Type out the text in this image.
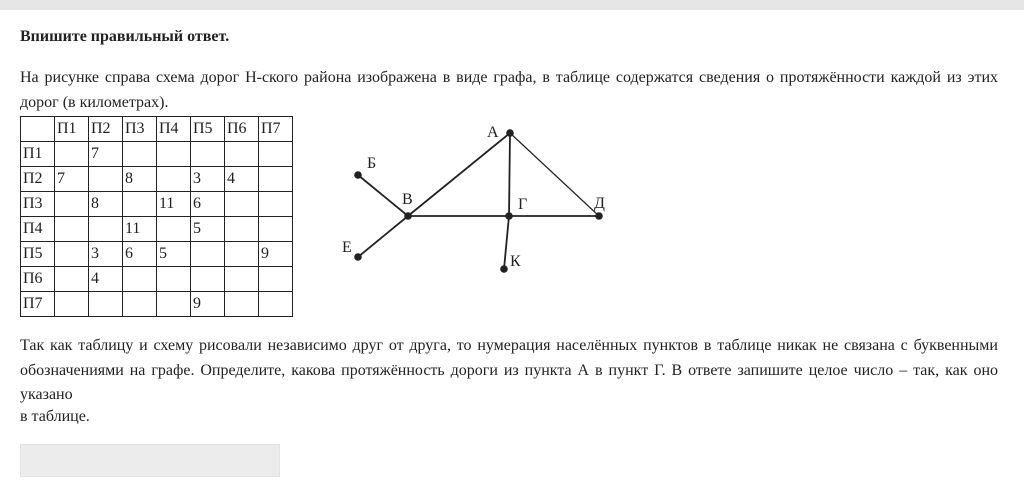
Впишите правильный ответ.
На рисунке справа схема дорог Н-ского района изображена в виде графа, в таблице содержатся сведения о протяжённости каждой из этих дорог (в километрах).
	П1	П2	П3	П4	П5	П6	П7
П1		7					
П2	7		8		3	4	
П3		8		11	6		
П4			11		5		
П5		3	6	5			9
П6		4					
П7					9		
А
Б
В	Г	Д
Е
К
Так как таблицу и схему рисовали независимо друг от друга, то нумерация населённых пунктов в таблице никак не связана с буквенными обозначениями на графе. Определите, какова протяжённость дороги из пункта А в пункт Г. В ответе запишите целое число – так, как оно указано
в таблице.
